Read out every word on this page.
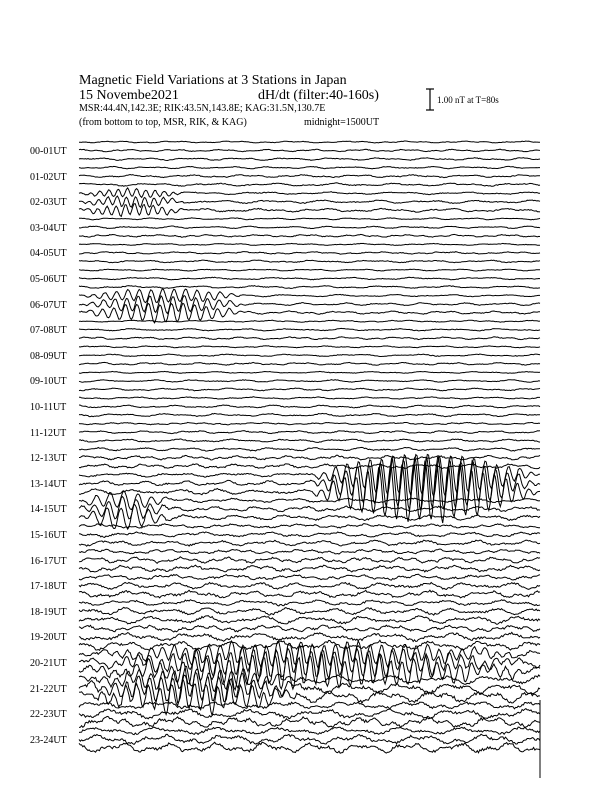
Magnetic Field Variations at 3 Stations in Japan
15 Novembe2021	dH/dt (filter:40-160s)
MSR:44.4N,142.3E; RIK:43.5N,143.8E; KAG:31.5N,130.7E
(from bottom to top, MSR, RIK, & KAG)	midnight=1500UT
1.00 nT at T=80s
00-01UT
01-02UT
02-03UT
03-04UT
04-05UT
05-06UT
06-07UT
07-08UT
08-09UT
09-10UT
10-11UT
11-12UT
12-13UT
13-14UT
14-15UT
15-16UT
16-17UT
17-18UT
18-19UT
19-20UT
20-21UT
21-22UT
22-23UT
23-24UT
